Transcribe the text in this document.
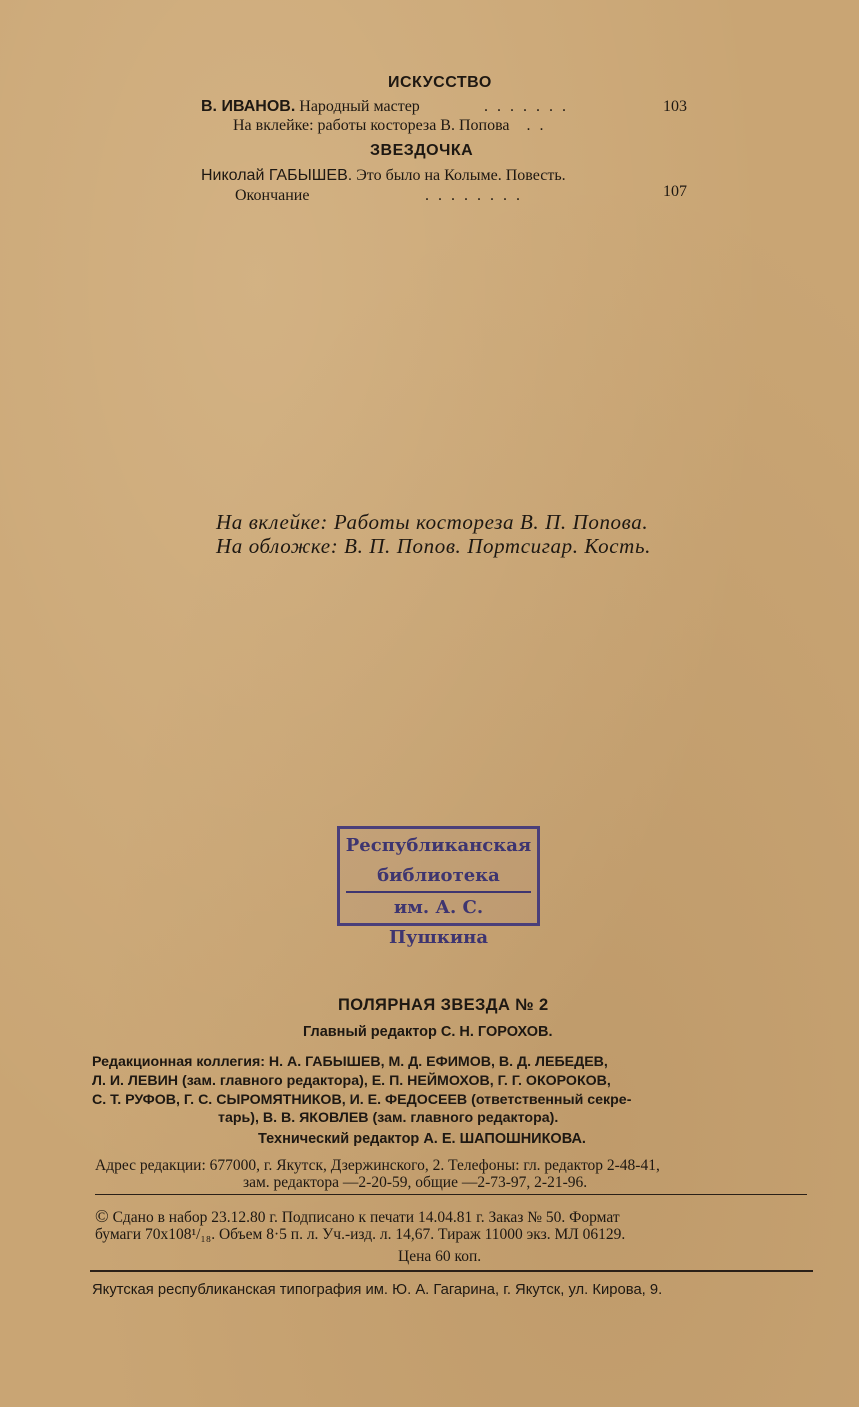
ИСКУССТВО
В. ИВАНОВ. Народный мастер	.......	103
На вклейке: работы костореза В. Попова  ..
ЗВЕЗДОЧКА
Николай ГАБЫШЕВ. Это было на Колыме. Повесть.
Окончание	........	107
На вклейке: Работы костореза В. П. Попова.
На обложке: В. П. Попов. Портсигар. Кость.
Республиканская
библиотека
им. А. С. Пушкина
ПОЛЯРНАЯ ЗВЕЗДА № 2
Главный редактор С. Н. ГОРОХОВ.
Редакционная коллегия: Н. А. ГАБЫШЕВ, М. Д. ЕФИМОВ, В. Д. ЛЕБЕДЕВ,
Л. И. ЛЕВИН (зам. главного редактора), Е. П. НЕЙМОХОВ, Г. Г. ОКОРОКОВ,
С. Т. РУФОВ, Г. С. СЫРОМЯТНИКОВ, И. Е. ФЕДОСЕЕВ (ответственный секре-
тарь), В. В. ЯКОВЛЕВ (зам. главного редактора).
Технический редактор А. Е. ШАПОШНИКОВА.
Адрес редакции: 677000, г. Якутск, Дзержинского, 2. Телефоны: гл. редактор 2-48-41,
зам. редактора —2-20-59, общие —2-73-97, 2-21-96.
© Сдано в набор 23.12.80 г. Подписано к печати 14.04.81 г. Заказ № 50. Формат
бумаги 70х108¹/₁₈. Объем 8·5 п. л. Уч.-изд. л. 14,67. Тираж 11000 экз. МЛ 06129.
Цена 60 коп.
Якутская республиканская типография им. Ю. А. Гагарина, г. Якутск, ул. Кирова, 9.
